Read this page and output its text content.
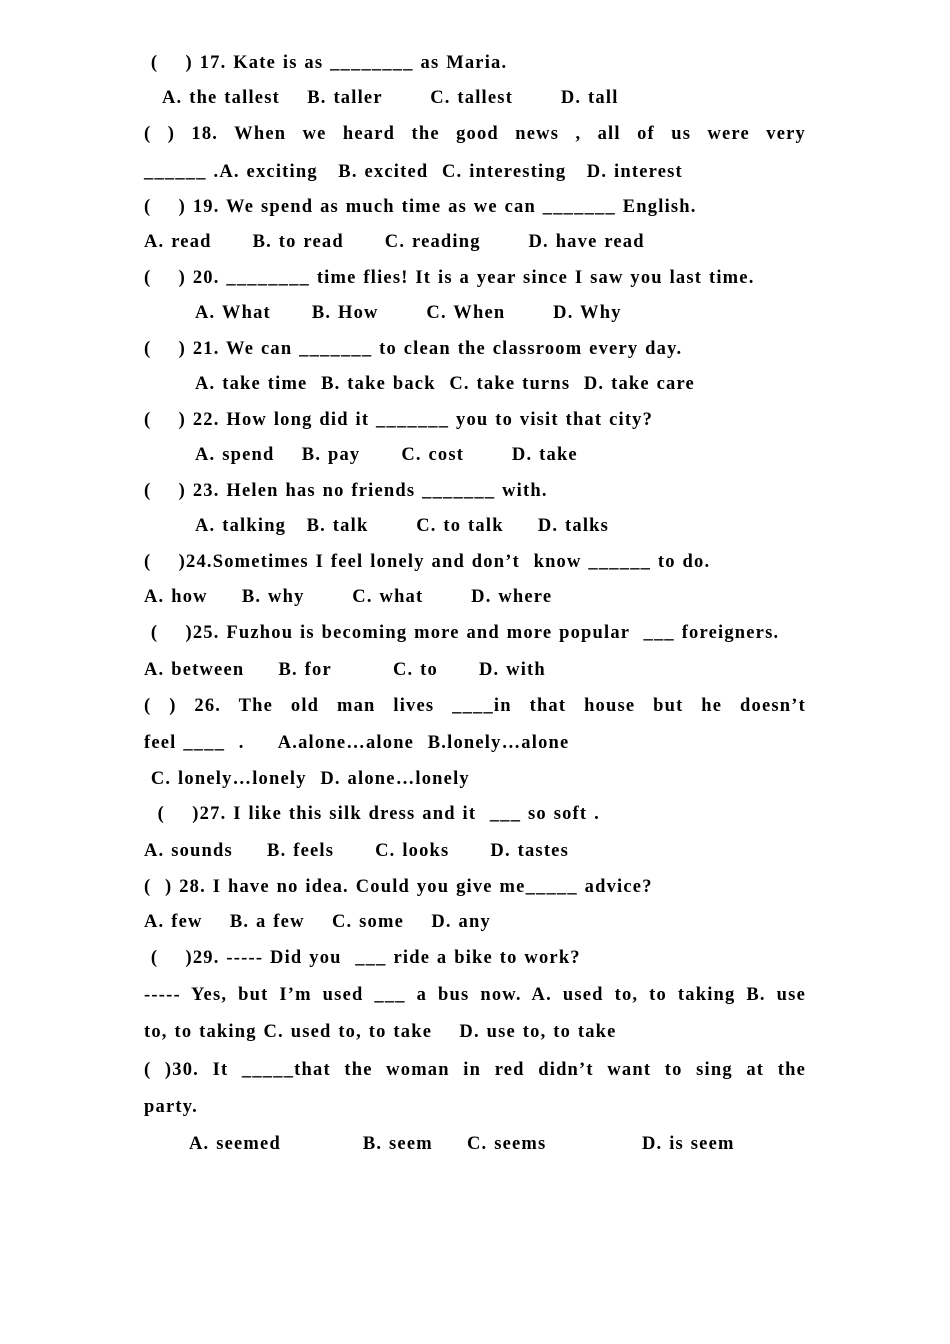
(    ) 17. Kate is as ________ as Maria.
A. the tallest    B. taller       C. tallest       D. tall
( ) 18. When we heard the good news , all of us were very
______ .A. exciting   B. excited  C. interesting   D. interest
(    ) 19. We spend as much time as we can _______ English.
A. read      B. to read      C. reading       D. have read
(    ) 20. ________ time flies! It is a year since I saw you last time.
A. What      B. How       C. When       D. Why
(    ) 21. We can _______ to clean the classroom every day.
A. take time  B. take back  C. take turns  D. take care
(    ) 22. How long did it _______ you to visit that city?
A. spend    B. pay      C. cost       D. take
(    ) 23. Helen has no friends _______ with.
A. talking   B. talk       C. to talk     D. talks
(    )24.Sometimes I feel lonely and don’t  know ______ to do.
A. how     B. why       C. what       D. where
(    )25. Fuzhou is becoming more and more popular  ___ foreigners.
A. between     B. for         C. to      D. with
( ) 26. The old man lives ____in that house but he doesn’t
feel ____  .     A.alone…alone  B.lonely…alone
C. lonely…lonely  D. alone…lonely
(    )27. I like this silk dress and it  ___ so soft .
A. sounds     B. feels      C. looks      D. tastes
(  ) 28. I have no idea. Could you give me_____ advice?
A. few    B. a few    C. some    D. any
(    )29. ----- Did you  ___ ride a bike to work?
----- Yes, but I’m used ___ a bus now. A. used to, to taking B. use
to, to taking C. used to, to take    D. use to, to take
( )30. It _____that the woman in red didn’t want to sing at the
party.
A. seemed            B. seem     C. seems              D. is seem
